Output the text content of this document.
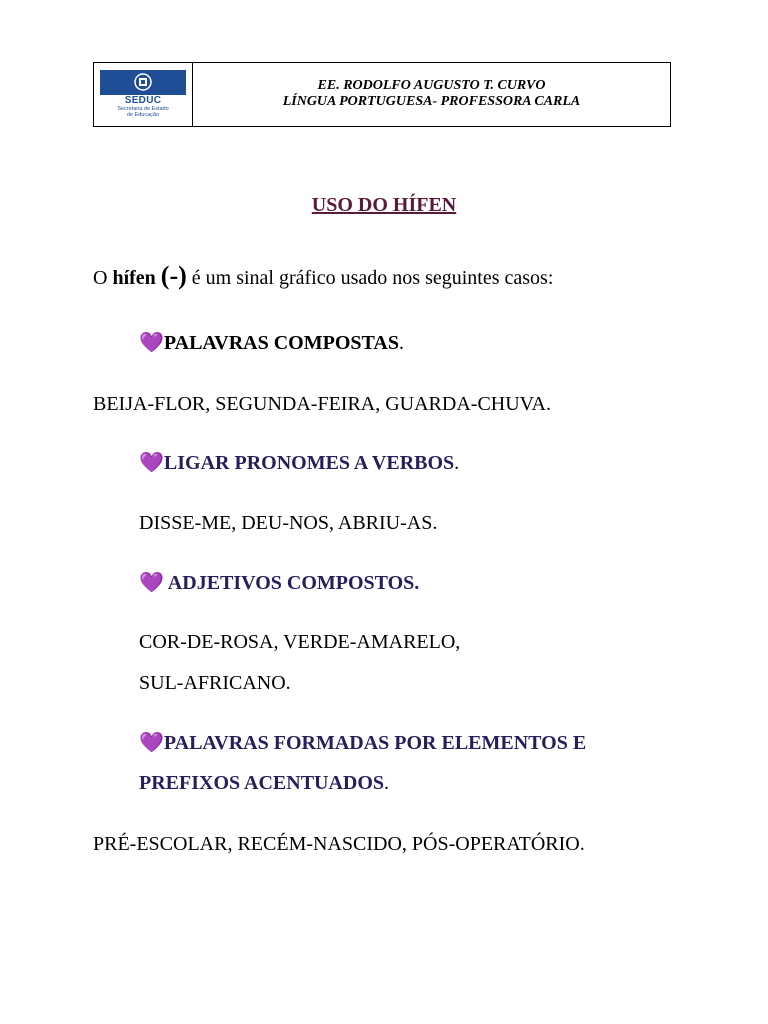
SEDUC
Secretaria de Estado
de Educação
EE. RODOLFO AUGUSTO T. CURVO
LÍNGUA PORTUGUESA- PROFESSORA CARLA
USO DO HÍFEN
O hífen (-) é um sinal gráfico usado nos seguintes casos:
💜PALAVRAS COMPOSTAS.
BEIJA-FLOR, SEGUNDA-FEIRA, GUARDA-CHUVA.
💜LIGAR PRONOMES A VERBOS.
DISSE-ME, DEU-NOS, ABRIU-AS.
💜 ADJETIVOS COMPOSTOS.
COR-DE-ROSA, VERDE-AMARELO,
SUL-AFRICANO.
💜PALAVRAS FORMADAS POR ELEMENTOS E
PREFIXOS ACENTUADOS.
PRÉ-ESCOLAR, RECÉM-NASCIDO, PÓS-OPERATÓRIO.
